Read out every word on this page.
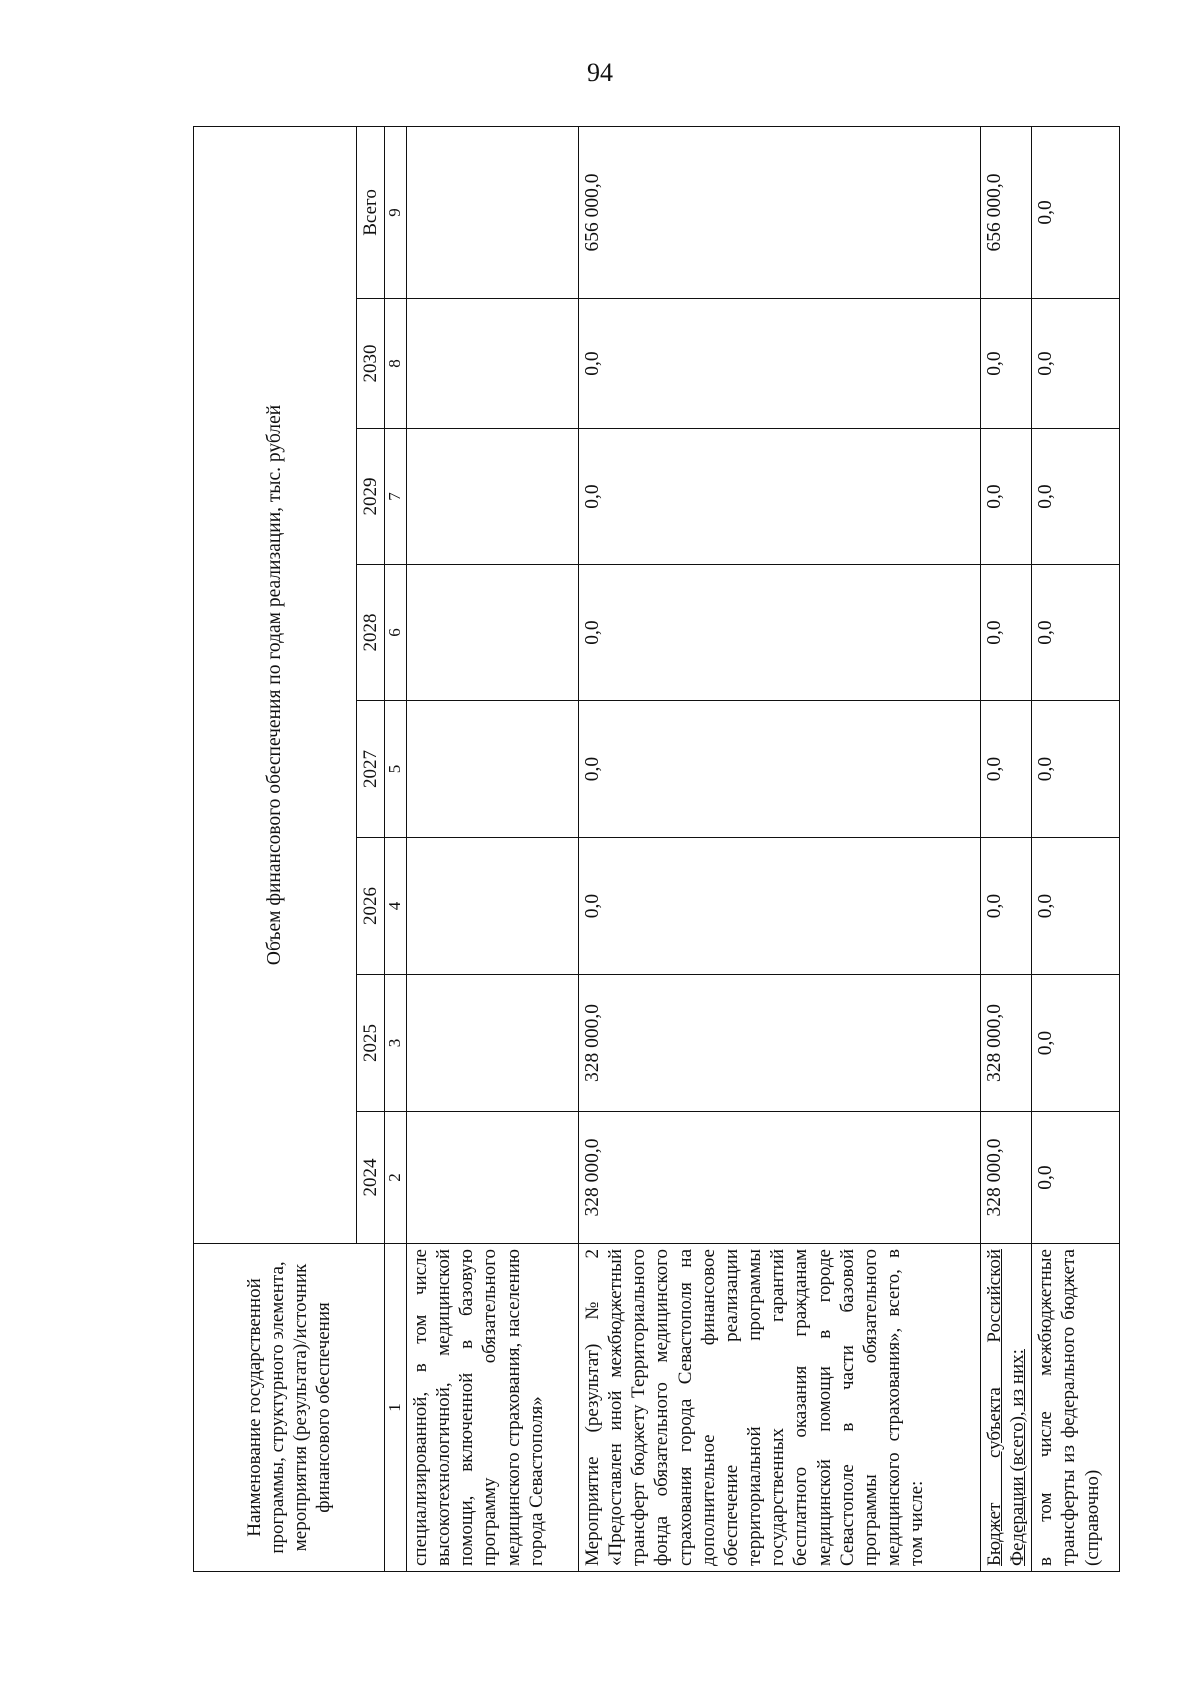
94
Наименование государственной программы, структурного элемента, мероприятия (результата)/источник финансового обеспечения	Объем финансового обеспечения по годам реализации, тыс. рублей							
	2024	2025	2026	2027	2028	2029	2030	Всего
1	2	3	4	5	6	7	8	9
специализированной, в том числе высокотехнологичной, медицинской помощи, включенной в базовую программу обязательного медицинского страхования, населению города Севастополя»								
Мероприятие (результат) № 2 «Предоставлен иной межбюджетный трансферт бюджету Территориального фонда обязательного медицинского страхования города Севастополя на дополнительное финансовое обеспечение реализации территориальной программы государственных гарантий бесплатного оказания гражданам медицинской помощи в городе Севастополе в части базовой программы обязательного медицинского страхования», всего, в том числе:	328 000,0	328 000,0	0,0	0,0	0,0	0,0	0,0	656 000,0
Бюджет субъекта Российской Федерации (всего), из них:	328 000,0	328 000,0	0,0	0,0	0,0	0,0	0,0	656 000,0
в том числе межбюджетные трансферты из федерального бюджета (справочно)	0,0	0,0	0,0	0,0	0,0	0,0	0,0	0,0
